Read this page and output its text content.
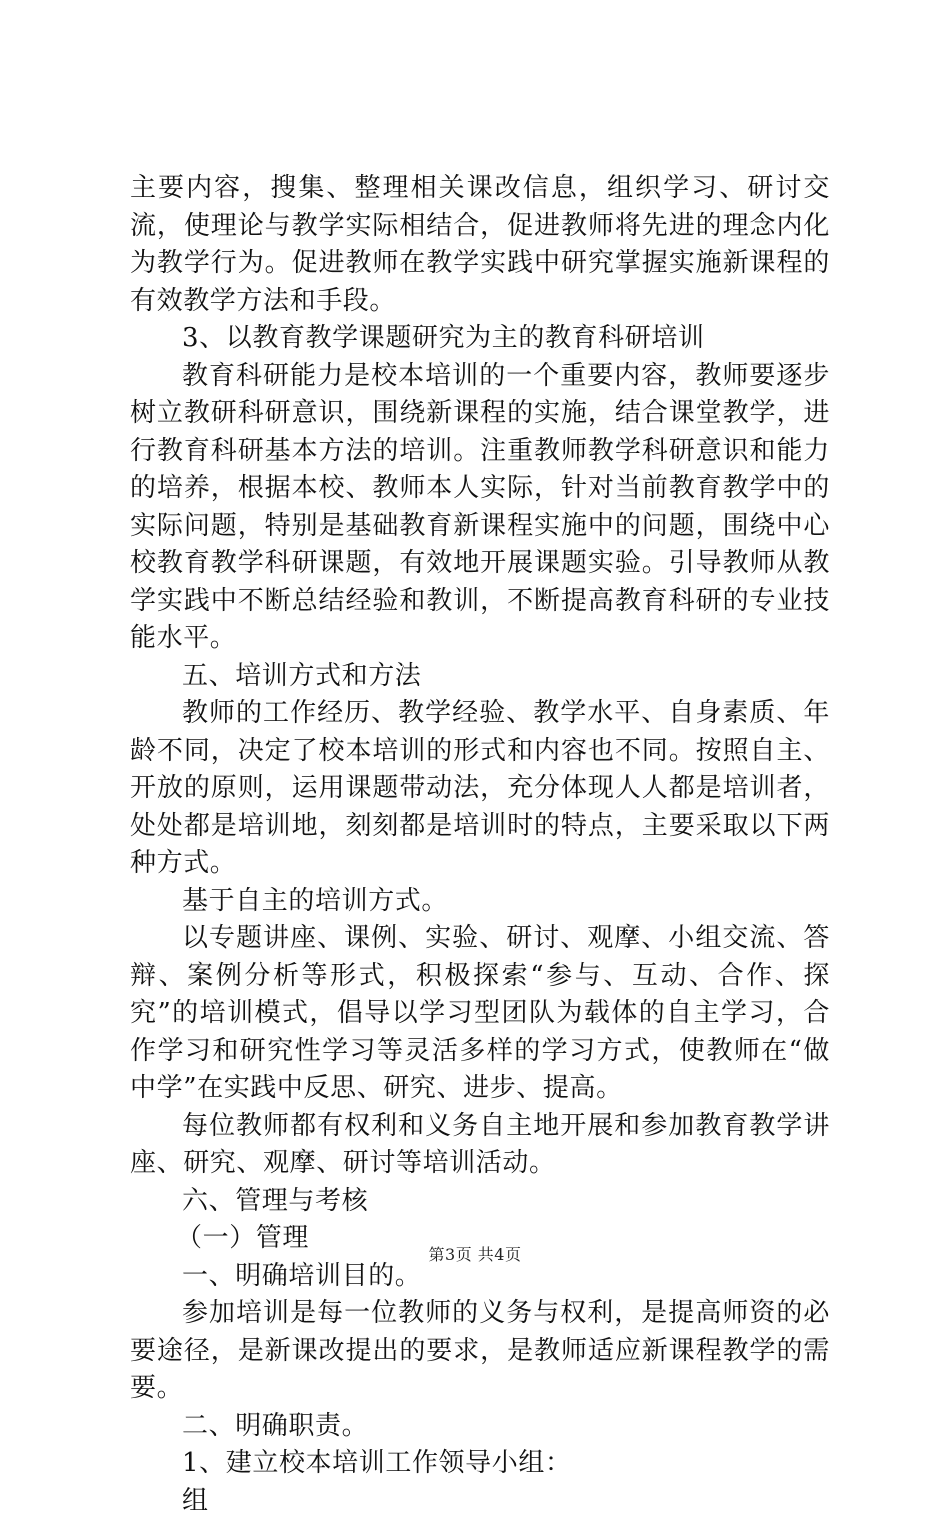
主要内容，搜集、整理相关课改信息，组织学习、研讨交流，使理论与教学实际相结合，促进教师将先进的理念内化为教学行为。促进教师在教学实践中研究掌握实施新课程的有效教学方法和手段。

3、以教育教学课题研究为主的教育科研培训

教育科研能力是校本培训的一个重要内容，教师要逐步树立教研科研意识，围绕新课程的实施，结合课堂教学，进行教育科研基本方法的培训。注重教师教学科研意识和能力的培养，根据本校、教师本人实际，针对当前教育教学中的实际问题，特别是基础教育新课程实施中的问题，围绕中心校教育教学科研课题，有效地开展课题实验。引导教师从教学实践中不断总结经验和教训，不断提高教育科研的专业技能水平。

五、培训方式和方法

教师的工作经历、教学经验、教学水平、自身素质、年龄不同，决定了校本培训的形式和内容也不同。按照自主、开放的原则，运用课题带动法，充分体现人人都是培训者，处处都是培训地，刻刻都是培训时的特点，主要采取以下两种方式。

基于自主的培训方式。

以专题讲座、课例、实验、研讨、观摩、小组交流、答辩、案例分析等形式，积极探索“参与、互动、合作、探究”的培训模式，倡导以学习型团队为载体的自主学习，合作学习和研究性学习等灵活多样的学习方式，使教师在“做中学”在实践中反思、研究、进步、提高。

每位教师都有权利和义务自主地开展和参加教育教学讲座、研究、观摩、研讨等培训活动。

六、管理与考核

（一）管理

一、明确培训目的。

参加培训是每一位教师的义务与权利，是提高师资的必要途径，是新课改提出的要求，是教师适应新课程教学的需要。

二、明确职责。

1、建立校本培训工作领导小组：

组

第3页 共4页
